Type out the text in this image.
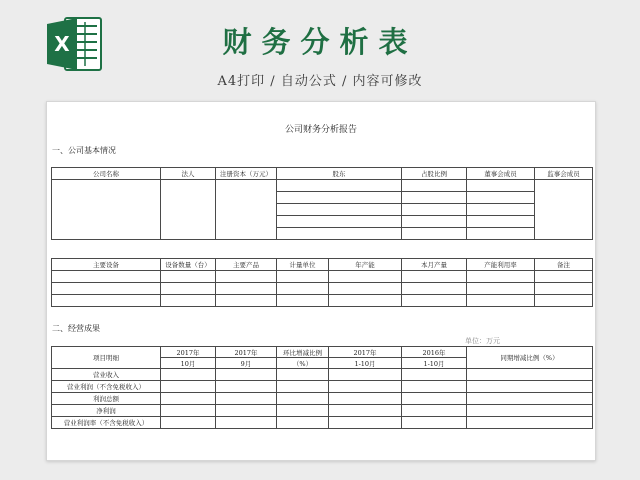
X	财务分析表
A4打印 / 自动公式 / 内容可修改
公司财务分析报告
一、公司基本情况
公司名称	法人	注册资本（万元）	股东	占股比例	董事会成员	监事会成员

主要设备	设备数量（台）	主要产品	计量单位	年产能	本月产量	产能利用率	备注

二、经营成果
单位：万元
项目明细	2017年	2017年	环比增减比例	2017年	2016年	同期增减比例（%）
	10月	9月	（%）	1-10月	1-10月	
营业收入						
营业利润（不含免税收入）						
利润总额						
净利润						
营业利润率（不含免税收入）						
